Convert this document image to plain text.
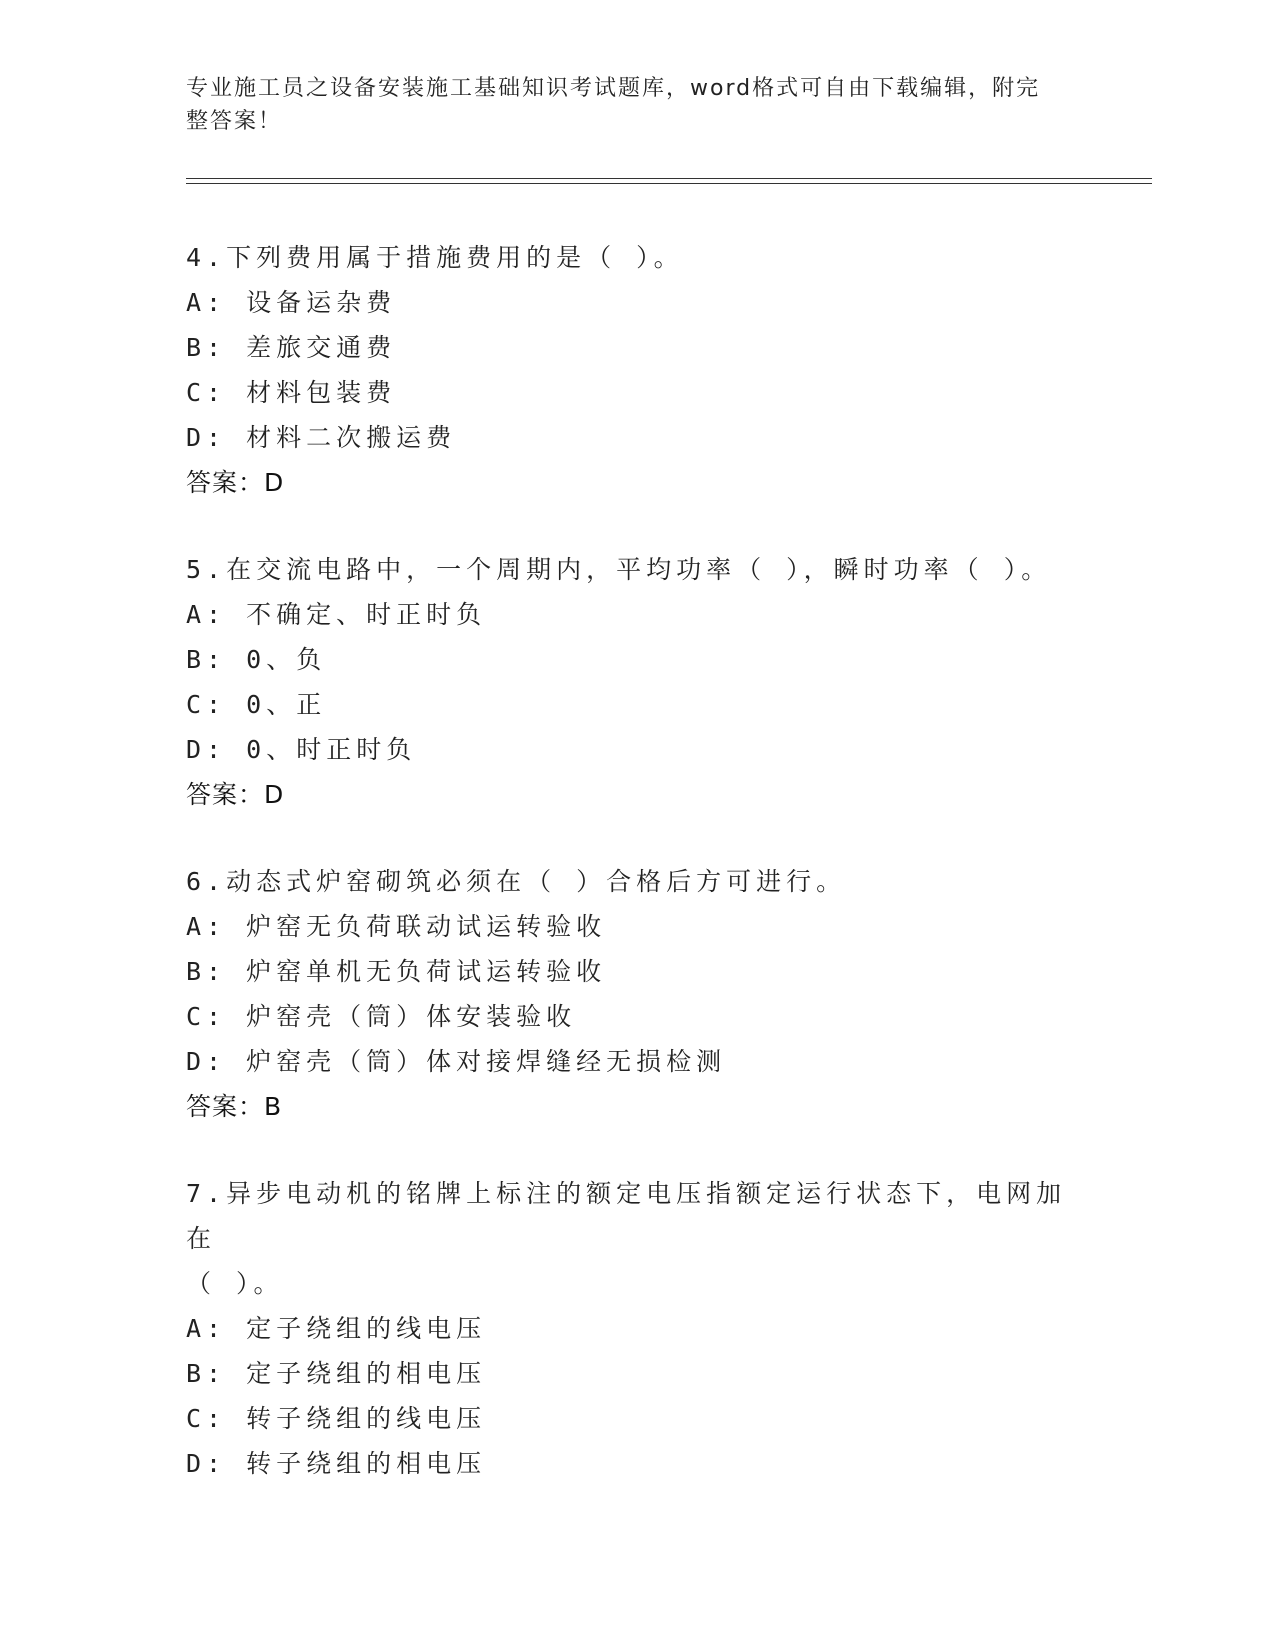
专业施工员之设备安装施工基础知识考试题库，word格式可自由下载编辑，附完
整答案！
4.下列费用属于措施费用的是（ ）。
A: 设备运杂费
B: 差旅交通费
C: 材料包装费
D: 材料二次搬运费
答案：D
5.在交流电路中，一个周期内，平均功率（ ），瞬时功率（ ）。
A: 不确定、时正时负
B: 0、负
C: 0、正
D: 0、时正时负
答案：D
6.动态式炉窑砌筑必须在（ ）合格后方可进行。
A: 炉窑无负荷联动试运转验收
B: 炉窑单机无负荷试运转验收
C: 炉窑壳（筒）体安装验收
D: 炉窑壳（筒）体对接焊缝经无损检测
答案：B
7.异步电动机的铭牌上标注的额定电压指额定运行状态下，电网加在
（ ）。
A: 定子绕组的线电压
B: 定子绕组的相电压
C: 转子绕组的线电压
D: 转子绕组的相电压
